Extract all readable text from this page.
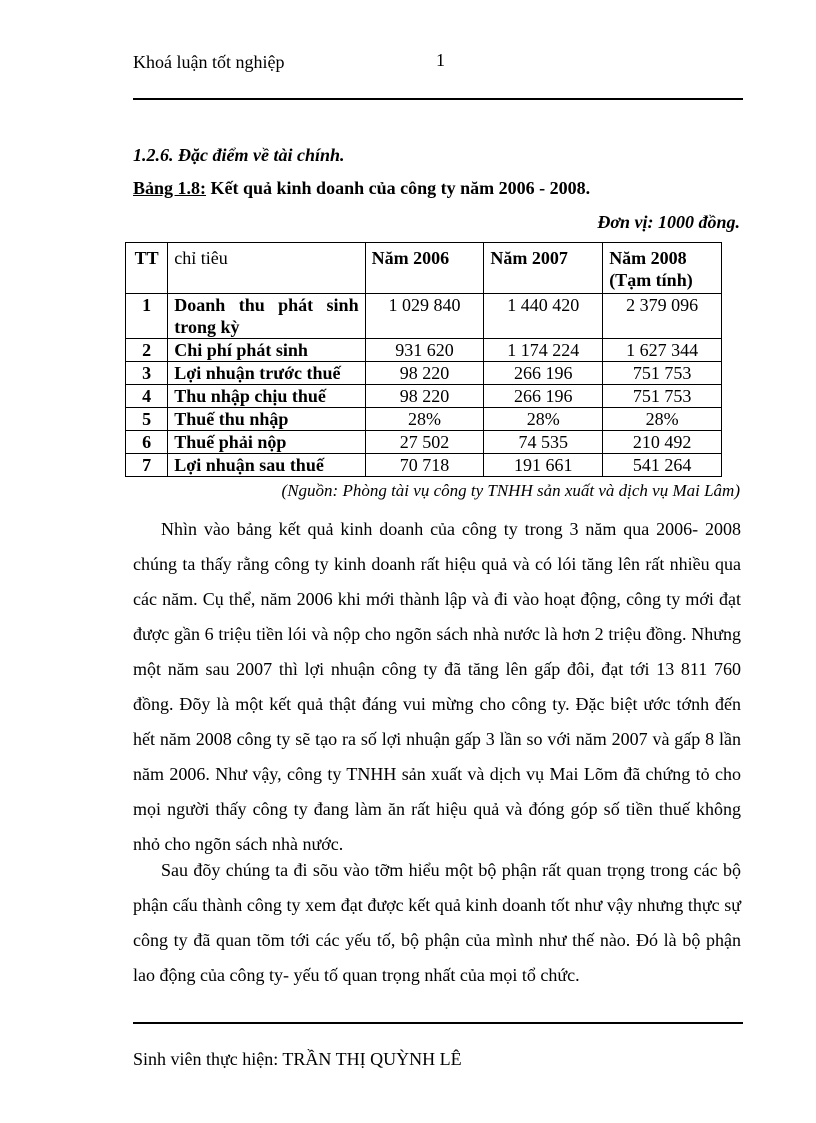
Khoá luận tốt nghiệp	1
1.2.6. Đặc điểm về tài chính.
Bảng 1.8: Kết quả kinh doanh của công ty năm 2006 - 2008.
Đơn vị: 1000 đồng.
TT	chỉ tiêu	Năm 2006	Năm 2007	Năm 2008
(Tạm tính)
1	Doanh thu phát sinh trong kỳ	1 029 840	1 440 420	2 379 096
2	Chi phí phát sinh	931 620	1 174 224	1 627 344
3	Lợi nhuận trước thuế	98 220	266 196	751 753
4	Thu nhập chịu thuế	98 220	266 196	751 753
5	Thuế thu nhập	28%	28%	28%
6	Thuế phải nộp	27 502	74 535	210 492
7	Lợi nhuận sau thuế	70 718	191 661	541 264
(Nguồn: Phòng tài vụ công ty TNHH sản xuất và dịch vụ Mai Lâm)

Nhìn vào bảng kết quả kinh doanh của công ty trong 3 năm qua 2006- 2008 chúng ta thấy rằng công ty kinh doanh rất hiệu quả và có lói tăng lên rất nhiều qua các năm. Cụ thể, năm 2006 khi mới thành lập và đi vào hoạt động, công ty mới đạt được gần 6 triệu tiền lói và nộp cho ngõn sách nhà nước là hơn 2 triệu đồng. Nhưng một năm sau 2007 thì lợi nhuận công ty đã tăng lên gấp đôi, đạt tới 13 811 760 đồng. Đõy là một kết quả thật đáng vui mừng cho công ty. Đặc biệt ước tớnh đến hết năm 2008 công ty sẽ tạo ra số lợi nhuận gấp 3 lần so với năm 2007 và gấp 8 lần năm 2006. Như vậy, công ty TNHH sản xuất và dịch vụ Mai Lõm đã chứng tỏ cho mọi người thấy công ty đang làm ăn rất hiệu quả và đóng góp số tiền thuế không nhỏ cho ngõn sách nhà nước.

Sau đõy chúng ta đi sõu vào tỡm hiểu một bộ phận rất quan trọng trong các bộ phận cấu thành công ty xem đạt được kết quả kinh doanh tốt như vậy nhưng thực sự công ty đã quan tõm tới các yếu tố, bộ phận của mình như thế nào. Đó là bộ phận lao động của công ty- yếu tố quan trọng nhất của mọi tổ chức.

Sinh viên thực hiện: TRẦN THỊ QUỲNH LÊ
